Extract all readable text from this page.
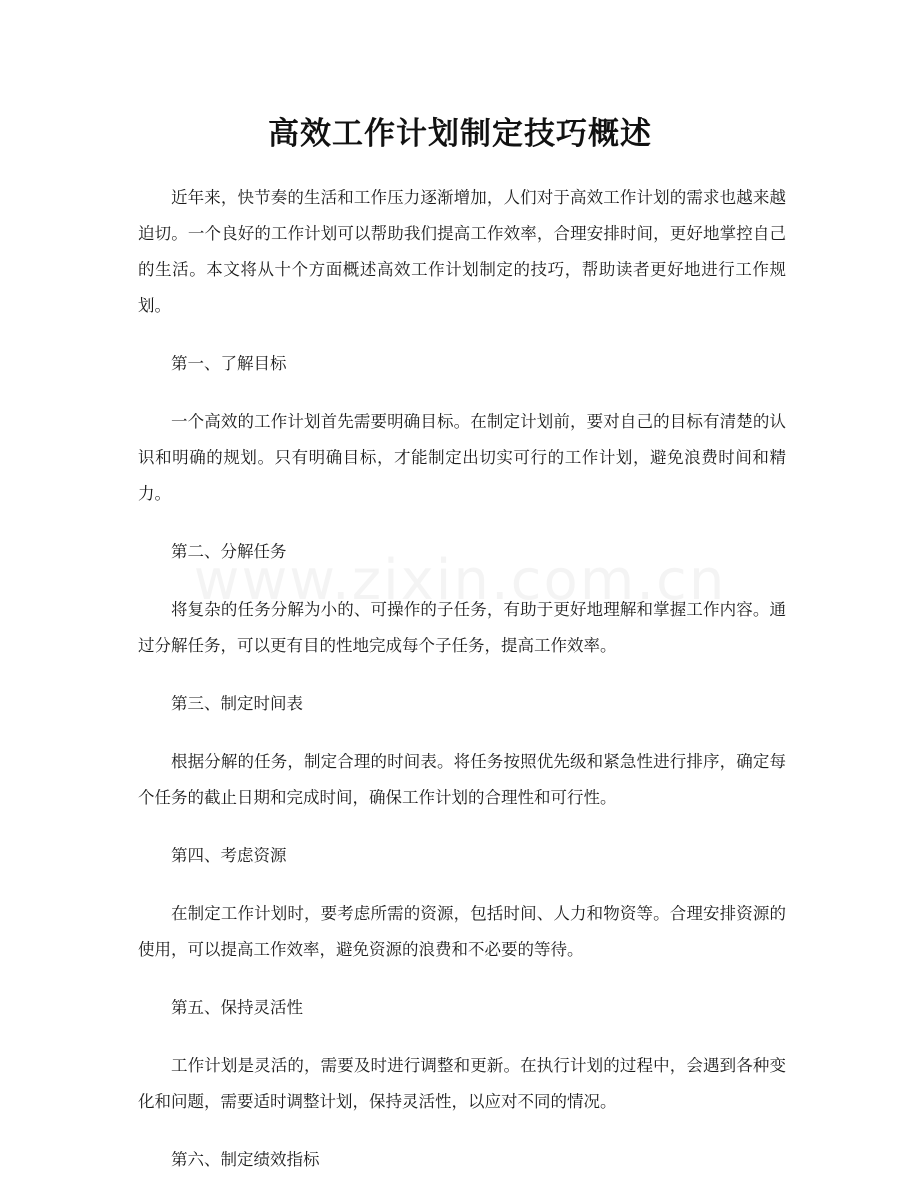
高效工作计划制定技巧概述

近年来，快节奏的生活和工作压力逐渐增加，人们对于高效工作计划的需求也越来越迫切。一个良好的工作计划可以帮助我们提高工作效率，合理安排时间，更好地掌控自己的生活。本文将从十个方面概述高效工作计划制定的技巧，帮助读者更好地进行工作规划。

第一、了解目标

一个高效的工作计划首先需要明确目标。在制定计划前，要对自己的目标有清楚的认识和明确的规划。只有明确目标，才能制定出切实可行的工作计划，避免浪费时间和精力。

第二、分解任务

将复杂的任务分解为小的、可操作的子任务，有助于更好地理解和掌握工作内容。通过分解任务，可以更有目的性地完成每个子任务，提高工作效率。

第三、制定时间表

根据分解的任务，制定合理的时间表。将任务按照优先级和紧急性进行排序，确定每个任务的截止日期和完成时间，确保工作计划的合理性和可行性。

第四、考虑资源

在制定工作计划时，要考虑所需的资源，包括时间、人力和物资等。合理安排资源的使用，可以提高工作效率，避免资源的浪费和不必要的等待。

第五、保持灵活性

工作计划是灵活的，需要及时进行调整和更新。在执行计划的过程中，会遇到各种变化和问题，需要适时调整计划，保持灵活性，以应对不同的情况。

第六、制定绩效指标
